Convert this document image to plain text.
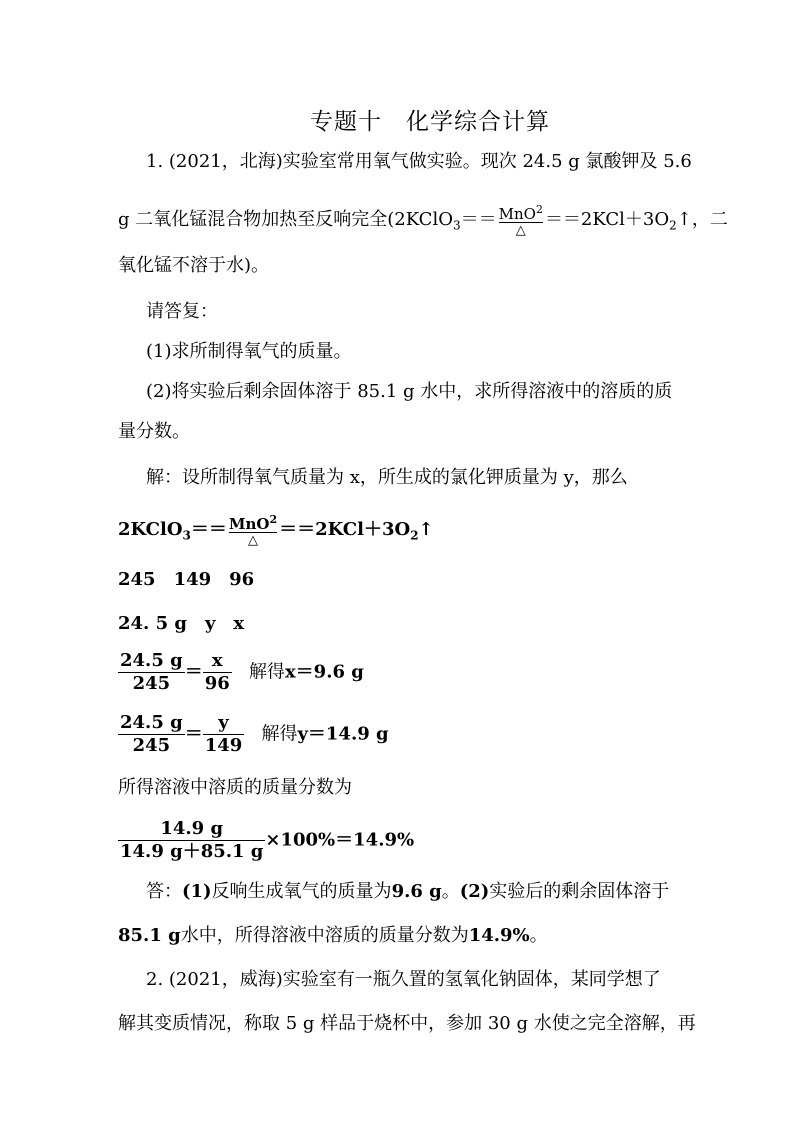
专题十　化学综合计算
1. (2021，北海)实验室常用氧气做实验。现次 24.5 g 氯酸钾及 5.6
g 二氧化锰混合物加热至反响完全(2KClO$_3$＝＝ MnO$^2$
△
$==2KCl+3O_2↑$，二
氧化锰不溶于水)。
请答复：
(1)求所制得氧气的质量。
(2)将实验后剩余固体溶于 85.1 g 水中，求所得溶液中的溶质的质
量分数。
解：设所制得氧气质量为 x，所生成的氯化钾质量为 y，那么
2KClO$_3$＝＝ MnO$^2$
△
$==2KCl+3O_2↑$
245　149　96
24. 5 g　y　x
$\frac{24.5 g}{245} = \frac{x}{96}$ 解得x＝9.6 g
$\frac{24.5 g}{245} = \frac{y}{149}$ 解得y＝14.9 g
所得溶液中溶质的质量分数为
$\frac{14.9 g}{14.9 g+85.1 g} \times 100\%=14.9\%$
答：(1)反响生成氧气的质量为9.6 g。(2)实验后的剩余固体溶于
85.1 g水中，所得溶液中溶质的质量分数为14.9%。
2. (2021，威海)实验室有一瓶久置的氢氧化钠固体，某同学想了
解其变质情况，称取 5 g 样品于烧杯中，参加 30 g 水使之完全溶解，再
